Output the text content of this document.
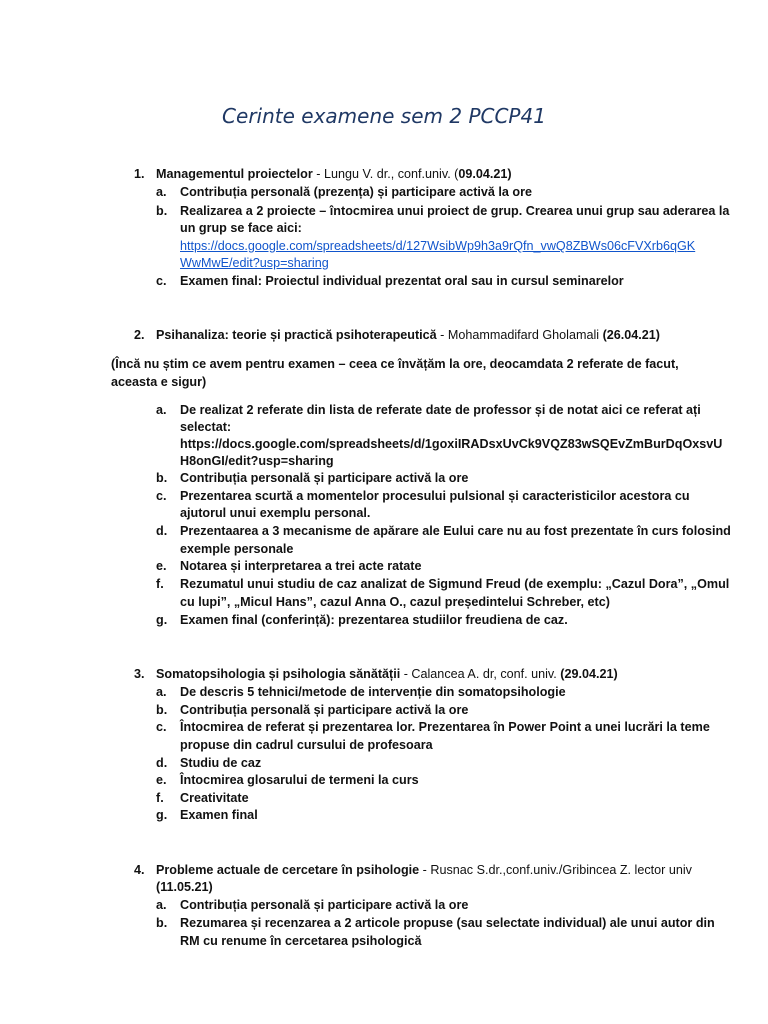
Cerinte examene sem 2 PCCP41
1. Managementul proiectelor - Lungu V. dr., conf.univ. (09.04.21)
a. Contribuția personală (prezența) și participare activă la ore
b. Realizarea a 2 proiecte – întocmirea unui proiect de grup. Crearea unui grup sau aderarea la
un grup se face aici:
https://docs.google.com/spreadsheets/d/127WsibWp9h3a9rQfn_vwQ8ZBWs06cFVXrb6qGK
WwMwE/edit?usp=sharing
c. Examen final: Proiectul individual prezentat oral sau in cursul seminarelor
2. Psihanaliza: teorie și practică psihoterapeutică - Mohammadifard Gholamali (26.04.21)
(Încă nu știm ce avem pentru examen – ceea ce învățăm la ore, deocamdata 2 referate de facut,
aceasta e sigur)
a. De realizat 2 referate din lista de referate date de professor și de notat aici ce referat ați
selectat:
https://docs.google.com/spreadsheets/d/1goxiIRADsxUvCk9VQZ83wSQEvZmBurDqOxsvU
H8onGI/edit?usp=sharing
b. Contribuția personală și participare activă la ore
c. Prezentarea scurtă a momentelor procesului pulsional și caracteristicilor acestora cu
ajutorul unui exemplu personal.
d. Prezentaarea a 3 mecanisme de apărare ale Eului care nu au fost prezentate în curs folosind
exemple personale
e. Notarea și interpretarea a trei acte ratate
f. Rezumatul unui studiu de caz analizat de Sigmund Freud (de exemplu: „Cazul Dora”, „Omul
cu lupi”, „Micul Hans”, cazul Anna O., cazul președintelui Schreber, etc)
g. Examen final (conferință): prezentarea studiilor freudiena de caz.
3. Somatopsihologia și psihologia sănătății - Calancea A. dr, conf. univ. (29.04.21)
a. De descris 5 tehnici/metode de intervenție din somatopsihologie
b. Contribuția personală și participare activă la ore
c. Întocmirea de referat și prezentarea lor. Prezentarea în Power Point a unei lucrări la teme
propuse din cadrul cursului de profesoara
d. Studiu de caz
e. Întocmirea glosarului de termeni la curs
f. Creativitate
g. Examen final
4. Probleme actuale de cercetare în psihologie - Rusnac S.dr.,conf.univ./Gribincea Z. lector univ
(11.05.21)
a. Contribuția personală și participare activă la ore
b. Rezumarea și recenzarea a 2 articole propuse (sau selectate individual) ale unui autor din
RM cu renume în cercetarea psihologică
